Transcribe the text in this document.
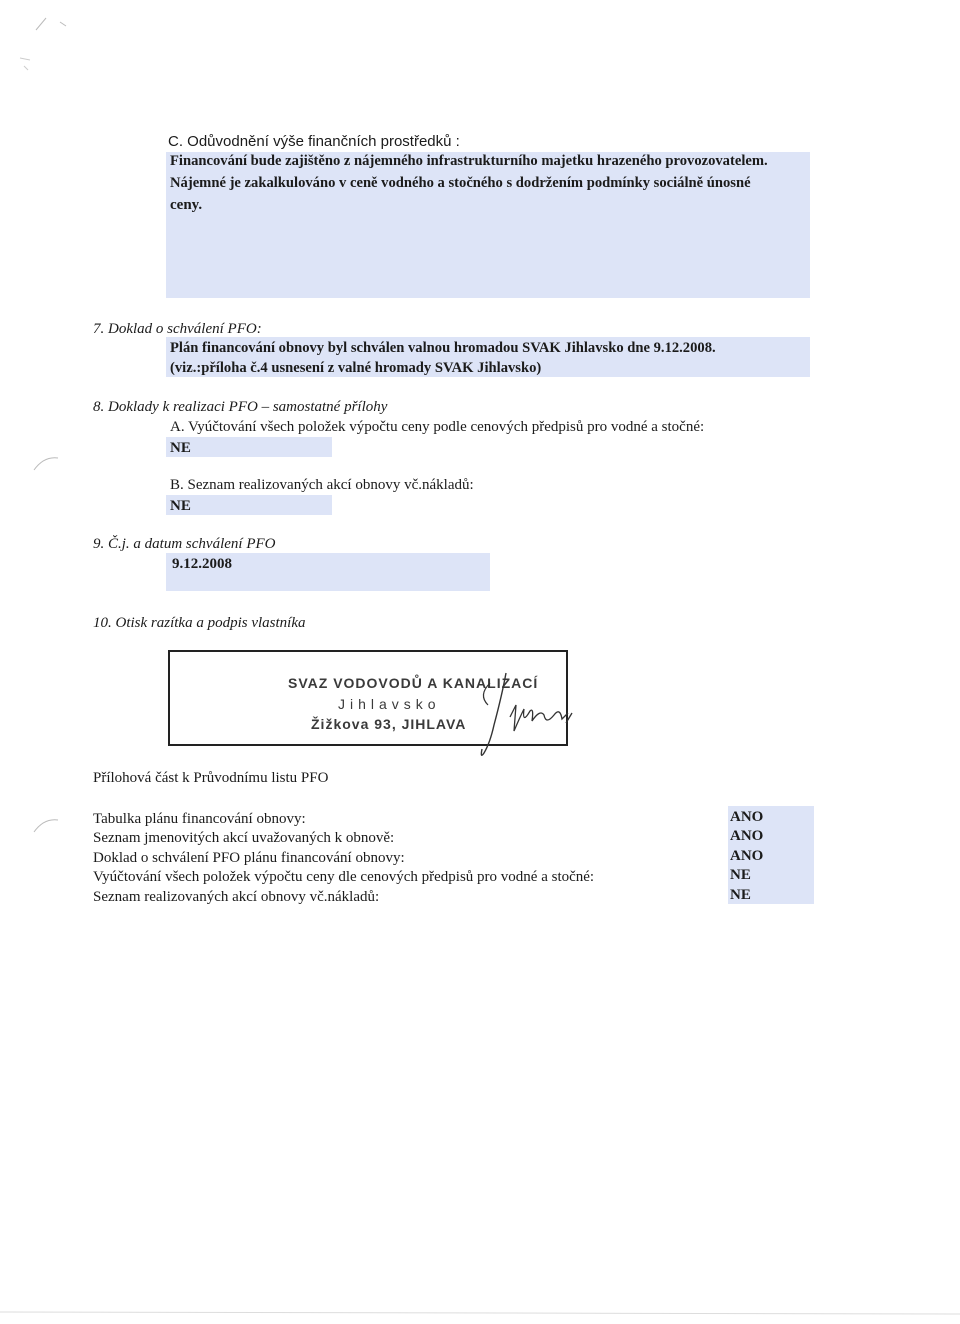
C. Odůvodnění výše finančních prostředků :
Financování bude zajištěno z nájemného infrastrukturního majetku hrazeného provozovatelem.
Nájemné je zakalkulováno v ceně vodného a stočného s dodržením podmínky sociálně únosné
ceny.
7. Doklad o schválení PFO:
Plán financování obnovy byl schválen valnou hromadou SVAK Jihlavsko dne 9.12.2008.
(viz.:příloha č.4 usnesení z valné hromady SVAK Jihlavsko)
8. Doklady k realizaci PFO – samostatné přílohy
A. Vyúčtování všech položek výpočtu ceny podle cenových předpisů pro vodné a stočné:
NE
B. Seznam realizovaných akcí obnovy vč.nákladů:
NE
9. Č.j. a datum schválení PFO
9.12.2008
10. Otisk razítka a podpis vlastníka
SVAZ VODOVODŮ A KANALIZACÍ
Jihlavsko
Žižkova 93, JIHLAVA
Přílohová část k Průvodnímu listu PFO
Tabulka plánu financování obnovy:	ANO
Seznam jmenovitých akcí uvažovaných k obnově:	ANO
Doklad o schválení PFO plánu financování obnovy:	ANO
Vyúčtování všech položek výpočtu ceny dle cenových předpisů pro vodné a stočné:	NE
Seznam realizovaných akcí obnovy vč.nákladů:	NE
